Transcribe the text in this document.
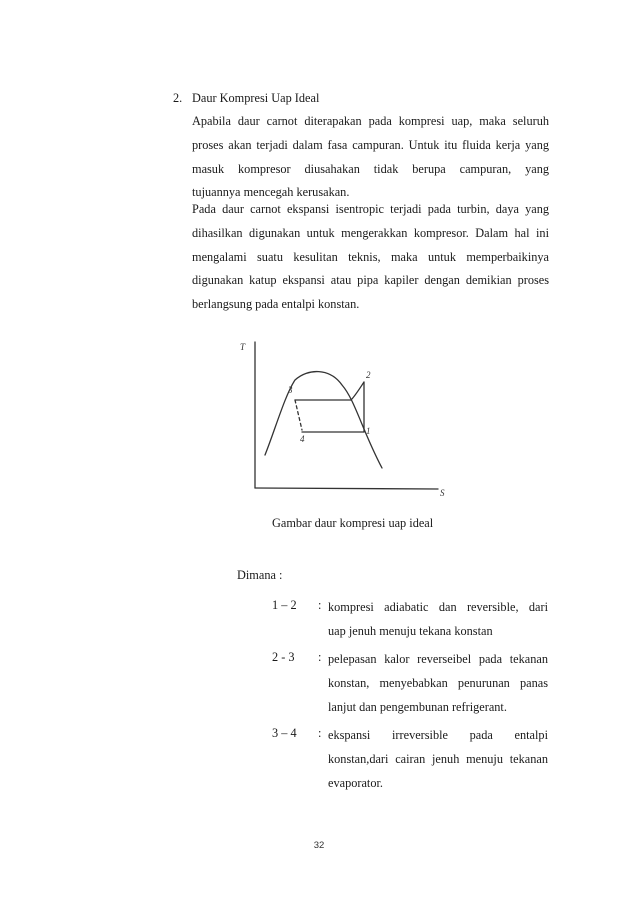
2. Daur Kompresi Uap Ideal
Apabila daur carnot diterapakan pada kompresi uap, maka seluruh
proses akan terjadi dalam fasa campuran. Untuk itu fluida kerja yang
masuk kompresor diusahakan tidak berupa campuran, yang
tujuannya mencegah kerusakan.
Pada daur carnot ekspansi isentropic terjadi pada turbin, daya yang
dihasilkan digunakan untuk mengerakkan kompresor. Dalam hal ini
mengalami suatu kesulitan teknis, maka untuk memperbaikinya
digunakan katup ekspansi atau pipa kapiler dengan demikian proses
berlangsung pada entalpi konstan.
T
S
1
2
3
4
Gambar daur kompresi uap ideal
Dimana :
1 – 2 : kompresi adiabatic dan reversible, dari
uap jenuh menuju tekana konstan
2 - 3 : pelepasan kalor reverseibel pada tekanan
konstan, menyebabkan penurunan panas
lanjut dan pengembunan refrigerant.
3 – 4 : ekspansi irreversible pada entalpi
konstan,dari cairan jenuh menuju tekanan
evaporator.
32
